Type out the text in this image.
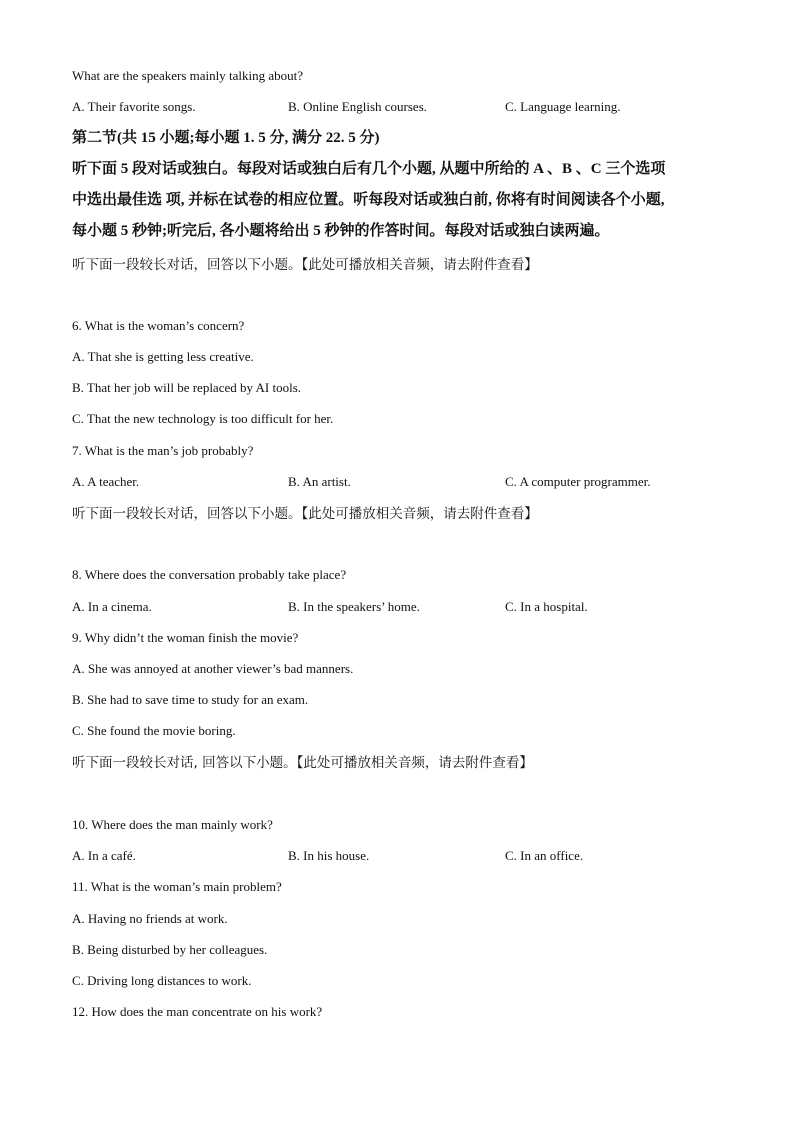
What are the speakers mainly talking about?
A. Their favorite songs.	B. Online English courses.	C. Language learning.
第二节(共 15 小题;每小题 1. 5 分, 满分 22. 5 分)
听下面 5 段对话或独白。每段对话或独白后有几个小题, 从题中所给的 A 、B 、C 三个选项
中选出最佳选 项, 并标在试卷的相应位置。听每段对话或独白前, 你将有时间阅读各个小题,
每小题 5 秒钟;听完后, 各小题将给出 5 秒钟的作答时间。每段对话或独白读两遍。
听下面一段较长对话，回答以下小题。【此处可播放相关音频，请去附件查看】
6. What is the woman’s concern?
A. That she is getting less creative.
B. That her job will be replaced by AI tools.
C. That the new technology is too difficult for her.
7. What is the man’s job probably?
A. A teacher.	B. An artist.	C. A computer programmer.
听下面一段较长对话，回答以下小题。【此处可播放相关音频，请去附件查看】
8. Where does the conversation probably take place?
A. In a cinema.	B. In the speakers’ home.	C. In a hospital.
9. Why didn’t the woman finish the movie?
A. She was annoyed at another viewer’s bad manners.
B. She had to save time to study for an exam.
C. She found the movie boring.
听下面一段较长对话, 回答以下小题。【此处可播放相关音频，请去附件查看】
10. Where does the man mainly work?
A. In a café.	B. In his house.	C. In an office.
11. What is the woman’s main problem?
A. Having no friends at work.
B. Being disturbed by her colleagues.
C. Driving long distances to work.
12. How does the man concentrate on his work?
